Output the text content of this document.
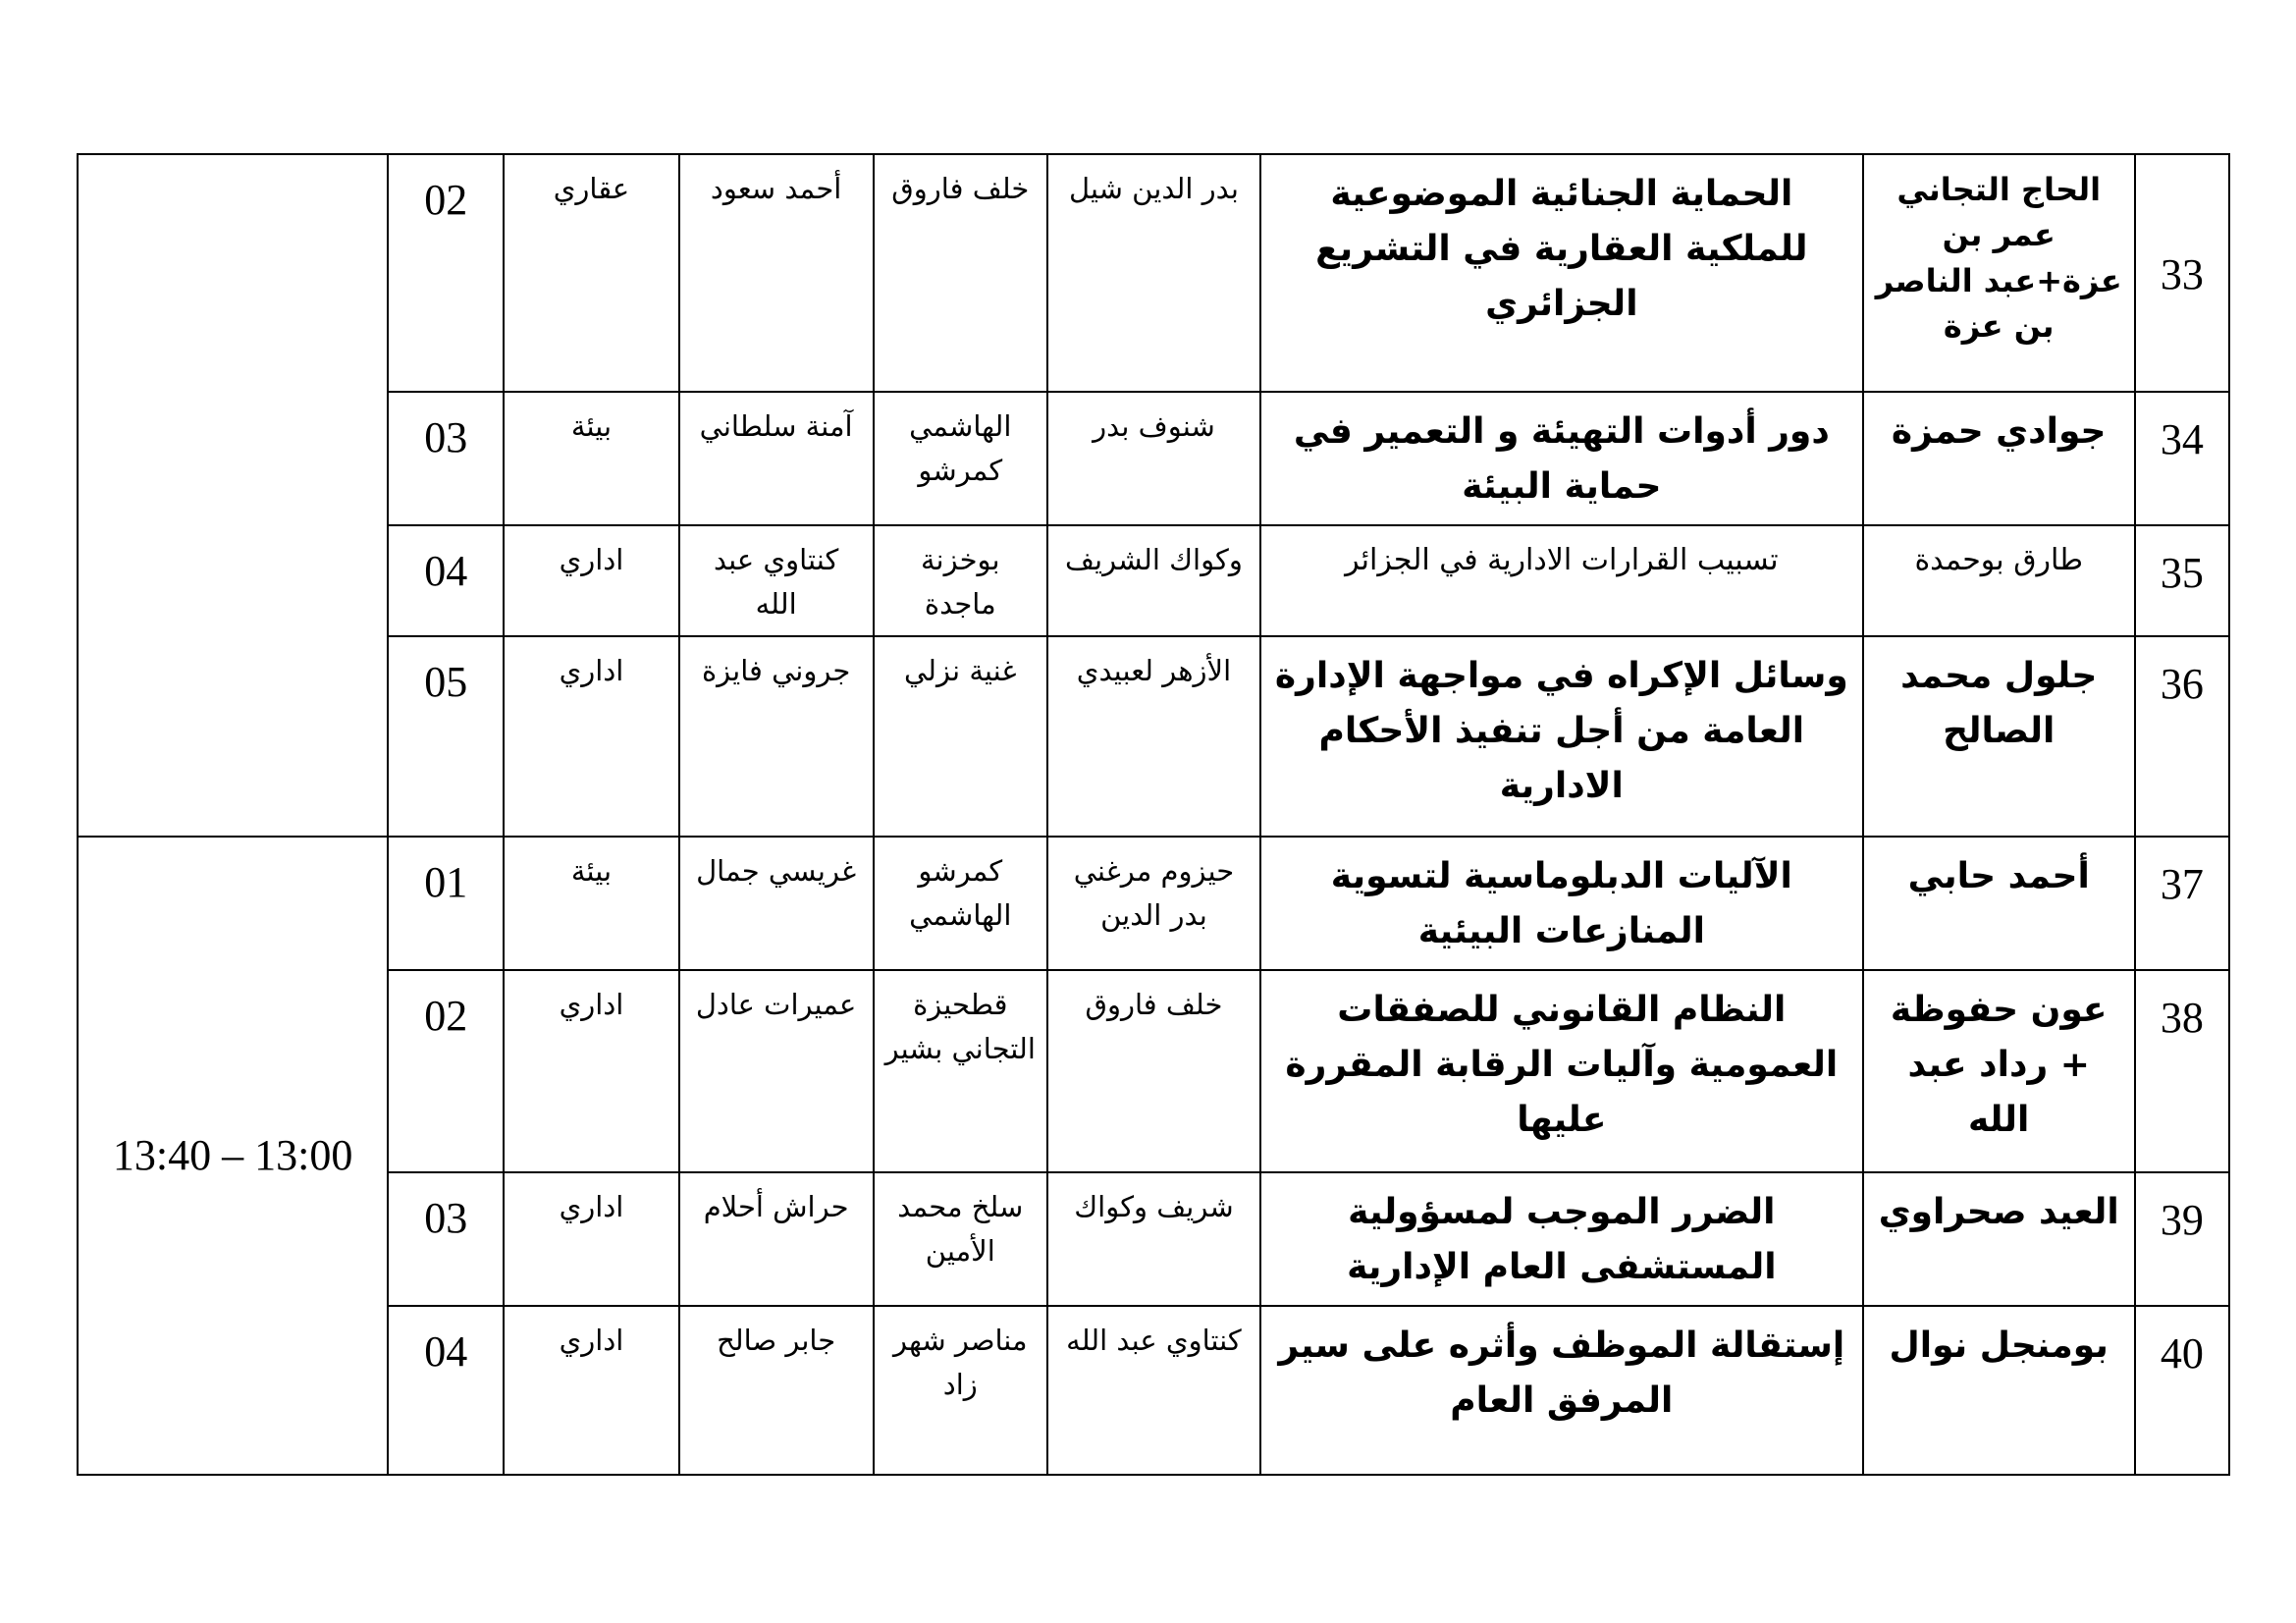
	02	عقاري	أحمد سعود	خلف فاروق	بدر الدين شيل	الحماية الجنائية الموضوعية للملكية العقارية في التشريع الجزائري	الحاج التجاني عمر بن عزة+عبد الناصر بن عزة	33
	03	بيئة	آمنة سلطاني	الهاشمي كمرشو	شنوف بدر	دور أدوات التهيئة و التعمير في حماية البيئة	جوادي حمزة	34
	04	اداري	كنتاوي عبد الله	بوخزنة ماجدة	وكواك الشريف	تسبيب القرارات الادارية في الجزائر	طارق بوحمدة	35
	05	اداري	جروني فايزة	غنية نزلي	الأزهر لعبيدي	وسائل الإكراه في مواجهة الإدارة العامة من أجل تنفيذ الأحكام الادارية	جلول محمد الصالح	36
13:40 – 13:00	01	بيئة	غريسي جمال	كمرشو الهاشمي	حيزوم مرغني بدر الدين	الآليات الدبلوماسية لتسوية المنازعات البيئية	أحمد حابي	37
	02	اداري	عميرات عادل	قطحيزة التجاني بشير	خلف فاروق	النظام القانوني للصفقات العمومية وآليات الرقابة المقررة عليها	عون حفوظة + رداد عبد الله	38
	03	اداري	حراش أحلام	سلخ محمد الأمين	شريف وكواك	الضرر الموجب لمسؤولية المستشفى العام الإدارية	العيد صحراوي	39
	04	اداري	جابر صالح	مناصر شهر زاد	كنتاوي عبد الله	إستقالة الموظف وأثره على سير المرفق العام	بومنجل نوال	40
